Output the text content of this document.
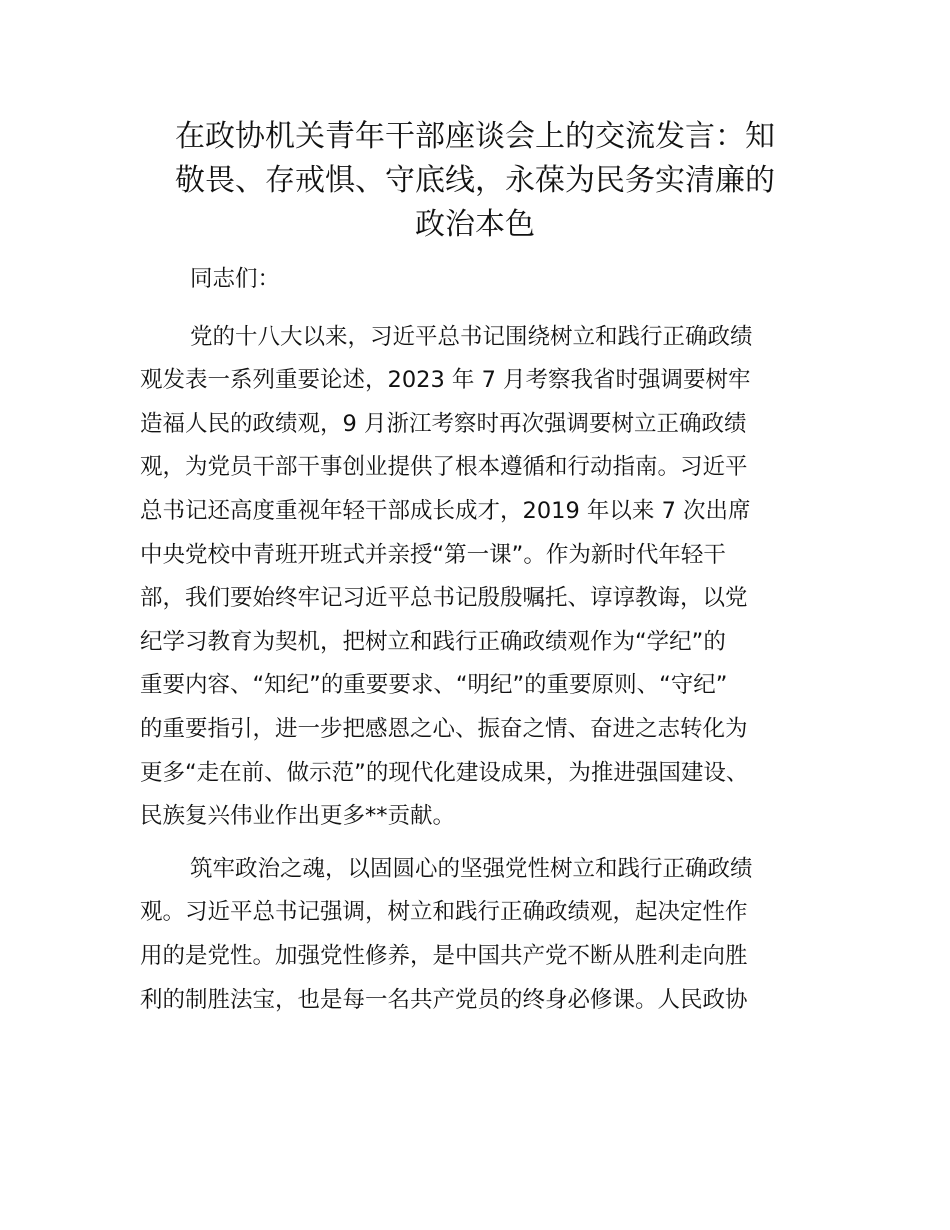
在政协机关青年干部座谈会上的交流发言：知
敬畏、存戒惧、守底线，永葆为民务实清廉的
政治本色
同志们：
党的十八大以来，习近平总书记围绕树立和践行正确政绩
观发表一系列重要论述，2023 年 7 月考察我省时强调要树牢
造福人民的政绩观，9 月浙江考察时再次强调要树立正确政绩
观，为党员干部干事创业提供了根本遵循和行动指南。习近平
总书记还高度重视年轻干部成长成才，2019 年以来 7 次出席
中央党校中青班开班式并亲授“第一课”。作为新时代年轻干
部，我们要始终牢记习近平总书记殷殷嘱托、谆谆教诲，以党
纪学习教育为契机，把树立和践行正确政绩观作为“学纪”的
重要内容、“知纪”的重要要求、“明纪”的重要原则、“守纪”
的重要指引，进一步把感恩之心、振奋之情、奋进之志转化为
更多“走在前、做示范”的现代化建设成果，为推进强国建设、
民族复兴伟业作出更多**贡献。
筑牢政治之魂，以固圆心的坚强党性树立和践行正确政绩
观。习近平总书记强调，树立和践行正确政绩观，起决定性作
用的是党性。加强党性修养，是中国共产党不断从胜利走向胜
利的制胜法宝，也是每一名共产党员的终身必修课。人民政协
